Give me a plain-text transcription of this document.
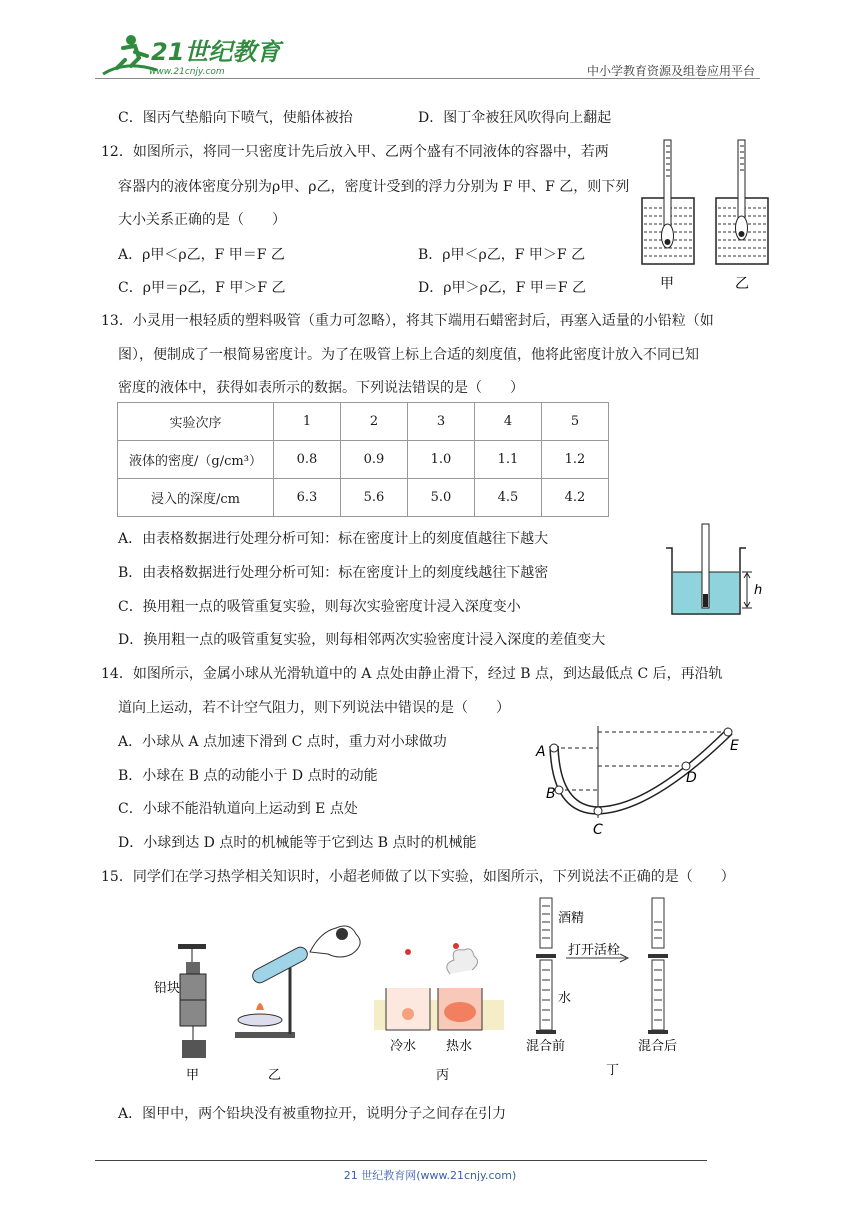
21世纪教育
www.21cnjy.com	中小学教育资源及组卷应用平台
C．图丙气垫船向下喷气，使船体被抬	D．图丁伞被狂风吹得向上翻起
12．如图所示，将同一只密度计先后放入甲、乙两个盛有不同液体的容器中，若两
容器内的液体密度分别为ρ甲、ρ乙，密度计受到的浮力分别为 F 甲、F 乙，则下列
大小关系正确的是（　　）
A．ρ甲＜ρ乙，F 甲＝F 乙	B．ρ甲＜ρ乙，F 甲＞F 乙
C．ρ甲＝ρ乙，F 甲＞F 乙	D．ρ甲＞ρ乙，F 甲＝F 乙	甲	乙
13．小灵用一根轻质的塑料吸管（重力可忽略），将其下端用石蜡密封后，再塞入适量的小铅粒（如
图），便制成了一根简易密度计。为了在吸管上标上合适的刻度值，他将此密度计放入不同已知
密度的液体中，获得如表所示的数据。下列说法错误的是（　　）
实验次序	1	2	3	4	5
液体的密度/（g/cm³）	0.8	0.9	1.0	1.1	1.2
浸入的深度/cm	6.3	5.6	5.0	4.5	4.2
A．由表格数据进行处理分析可知：标在密度计上的刻度值越往下越大
B．由表格数据进行处理分析可知：标在密度计上的刻度线越往下越密
C．换用粗一点的吸管重复实验，则每次实验密度计浸入深度变小
D．换用粗一点的吸管重复实验，则每相邻两次实验密度计浸入深度的差值变大
h
14．如图所示，金属小球从光滑轨道中的 A 点处由静止滑下，经过 B 点，到达最低点 C 后，再沿轨
道向上运动，若不计空气阻力，则下列说法中错误的是（　　）
A．小球从 A 点加速下滑到 C 点时，重力对小球做功
B．小球在 B 点的动能小于 D 点时的动能
C．小球不能沿轨道向上运动到 E 点处
D．小球到达 D 点时的机械能等于它到达 B 点时的机械能
A
B
C
D
E
15．同学们在学习热学相关知识时，小超老师做了以下实验，如图所示，下列说法不正确的是（　　）
铅块
甲	乙
冷水 热水
丙
酒精
水
混合前
打开活栓
混合后
丁
A．图甲中，两个铅块没有被重物拉开，说明分子之间存在引力
21 世纪教育网(www.21cnjy.com)
